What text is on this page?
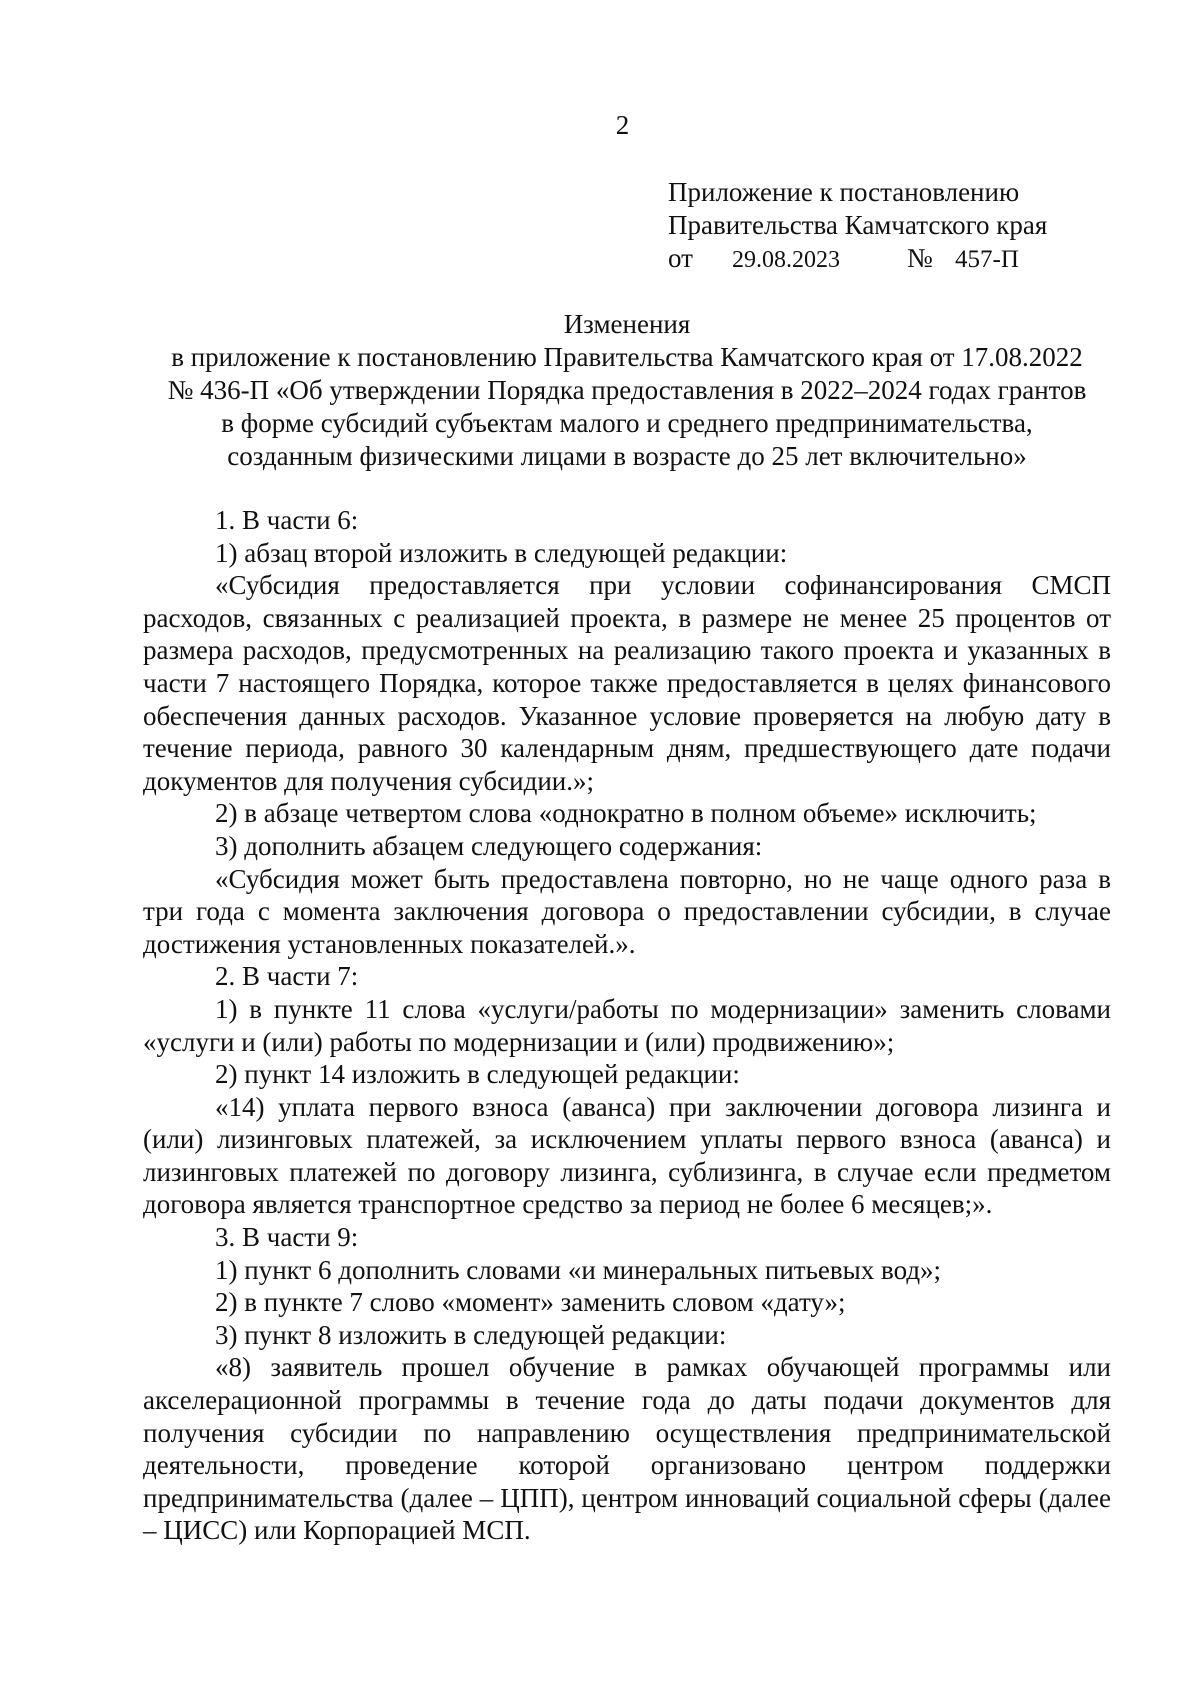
2
Приложение к постановлению
Правительства Камчатского края
от 29.08.2023 № 457-П
Изменения
в приложение к постановлению Правительства Камчатского края от 17.08.2022
№ 436-П «Об утверждении Порядка предоставления в 2022–2024 годах грантов
в форме субсидий субъектам малого и среднего предпринимательства,
созданным физическими лицами в возрасте до 25 лет включительно»

1. В части 6:

1) абзац второй изложить в следующей редакции:

«Субсидия предоставляется при условии софинансирования СМСП расходов, связанных с реализацией проекта, в размере не менее 25 процентов от размера расходов, предусмотренных на реализацию такого проекта и указанных в части 7 настоящего Порядка, которое также предоставляется в целях финансового обеспечения данных расходов. Указанное условие проверяется на любую дату в течение периода, равного 30 календарным дням, предшествующего дате подачи документов для получения субсидии.»;

2) в абзаце четвертом слова «однократно в полном объеме» исключить;

3) дополнить абзацем следующего содержания:

«Субсидия может быть предоставлена повторно, но не чаще одного раза в три года с момента заключения договора о предоставлении субсидии, в случае достижения установленных показателей.».

2. В части 7:

1) в пункте 11 слова «услуги/работы по модернизации» заменить словами «услуги и (или) работы по модернизации и (или) продвижению»;

2) пункт 14 изложить в следующей редакции:

«14) уплата первого взноса (аванса) при заключении договора лизинга и (или) лизинговых платежей, за исключением уплаты первого взноса (аванса) и лизинговых платежей по договору лизинга, сублизинга, в случае если предметом договора является транспортное средство за период не более 6 месяцев;».

3. В части 9:

1) пункт 6 дополнить словами «и минеральных питьевых вод»;

2) в пункте 7 слово «момент» заменить словом «дату»;

3) пункт 8 изложить в следующей редакции:

«8) заявитель прошел обучение в рамках обучающей программы или акселерационной программы в течение года до даты подачи документов для получения субсидии по направлению осуществления предпринимательской деятельности, проведение которой организовано центром поддержки предпринимательства (далее – ЦПП), центром инноваций социальной сферы (далее – ЦИСС) или Корпорацией МСП.
